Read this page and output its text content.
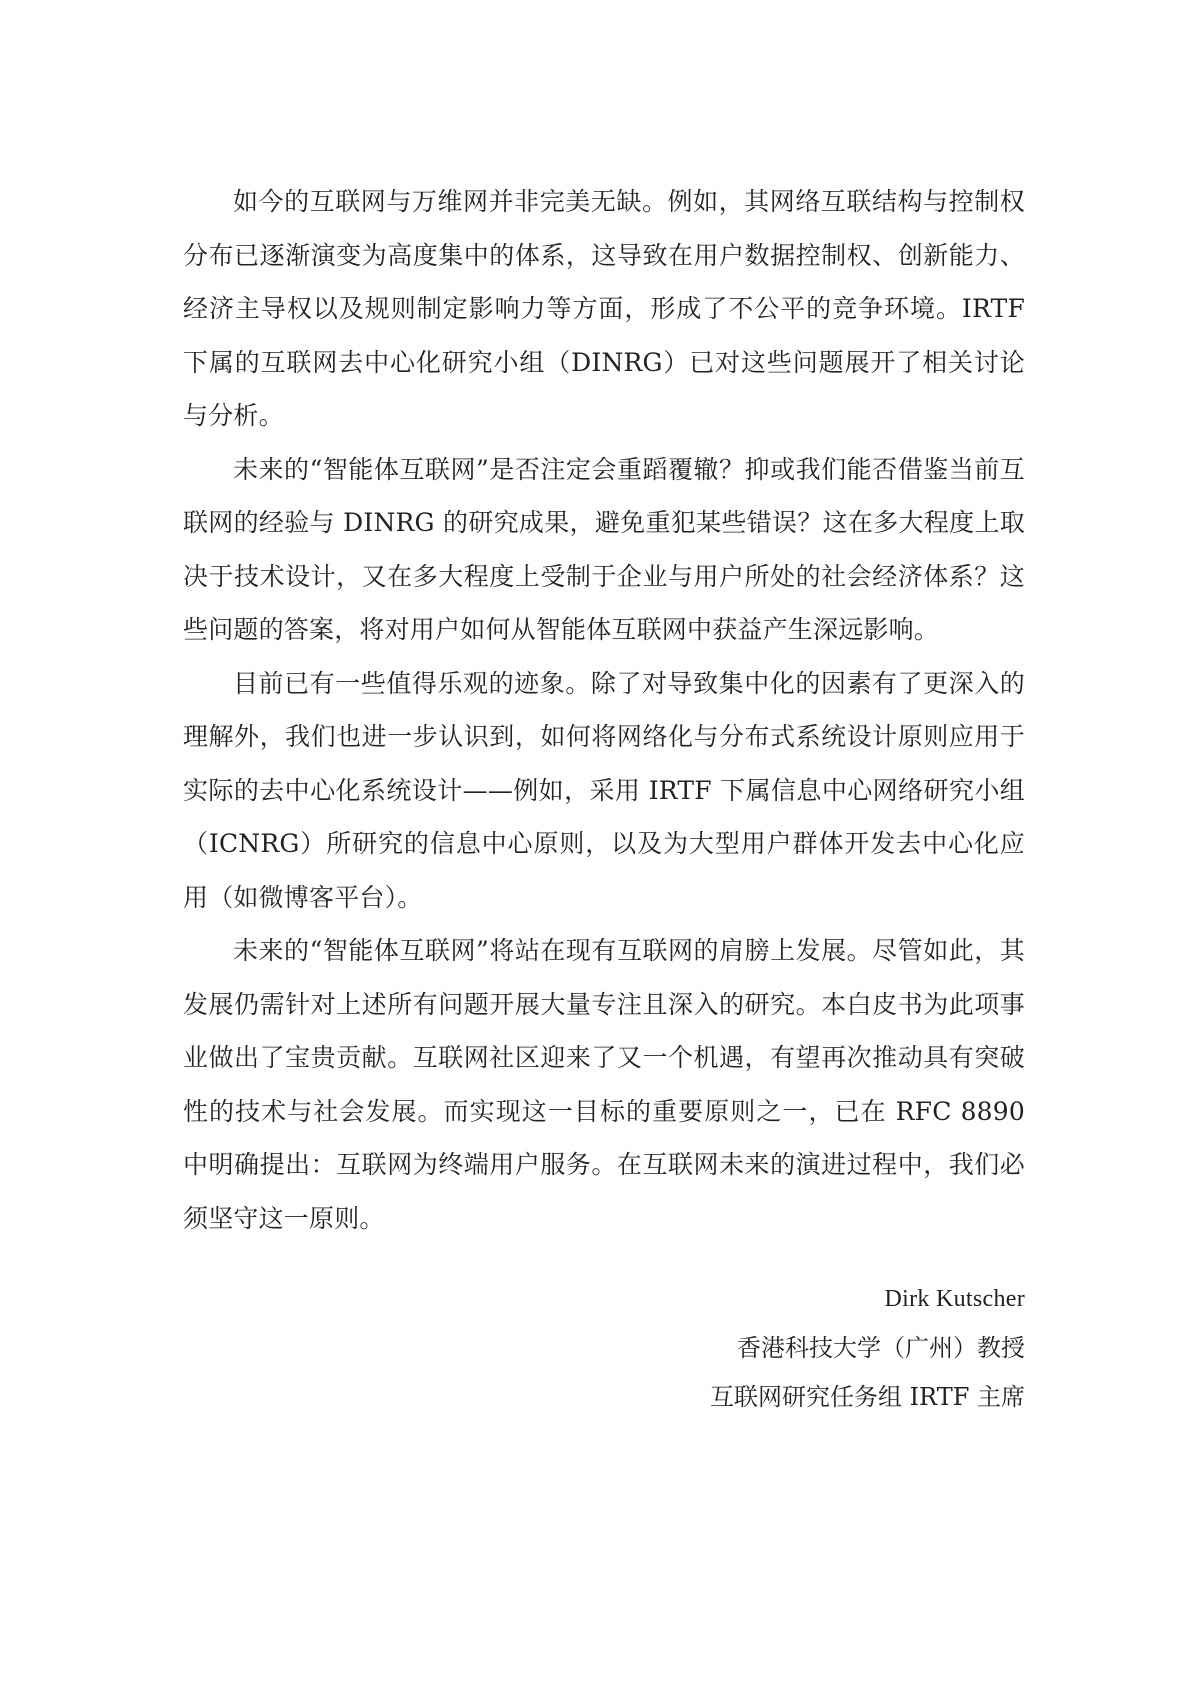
如今的互联网与万维网并非完美无缺。例如，其网络互联结构与控制权分布已逐渐演变为高度集中的体系，这导致在用户数据控制权、创新能力、经济主导权以及规则制定影响力等方面，形成了不公平的竞争环境。IRTF 下属的互联网去中心化研究小组（DINRG）已对这些问题展开了相关讨论与分析。

未来的“智能体互联网”是否注定会重蹈覆辙？抑或我们能否借鉴当前互联网的经验与 DINRG 的研究成果，避免重犯某些错误？这在多大程度上取决于技术设计，又在多大程度上受制于企业与用户所处的社会经济体系？这些问题的答案，将对用户如何从智能体互联网中获益产生深远影响。

目前已有一些值得乐观的迹象。除了对导致集中化的因素有了更深入的理解外，我们也进一步认识到，如何将网络化与分布式系统设计原则应用于实际的去中心化系统设计——例如，采用 IRTF 下属信息中心网络研究小组（ICNRG）所研究的信息中心原则，以及为大型用户群体开发去中心化应用（如微博客平台）。

未来的“智能体互联网”将站在现有互联网的肩膀上发展。尽管如此，其发展仍需针对上述所有问题开展大量专注且深入的研究。本白皮书为此项事业做出了宝贵贡献。互联网社区迎来了又一个机遇，有望再次推动具有突破性的技术与社会发展。而实现这一目标的重要原则之一，已在 RFC 8890 中明确提出：互联网为终端用户服务。在互联网未来的演进过程中，我们必须坚守这一原则。

Dirk Kutscher
香港科技大学（广州）教授
互联网研究任务组 IRTF 主席
